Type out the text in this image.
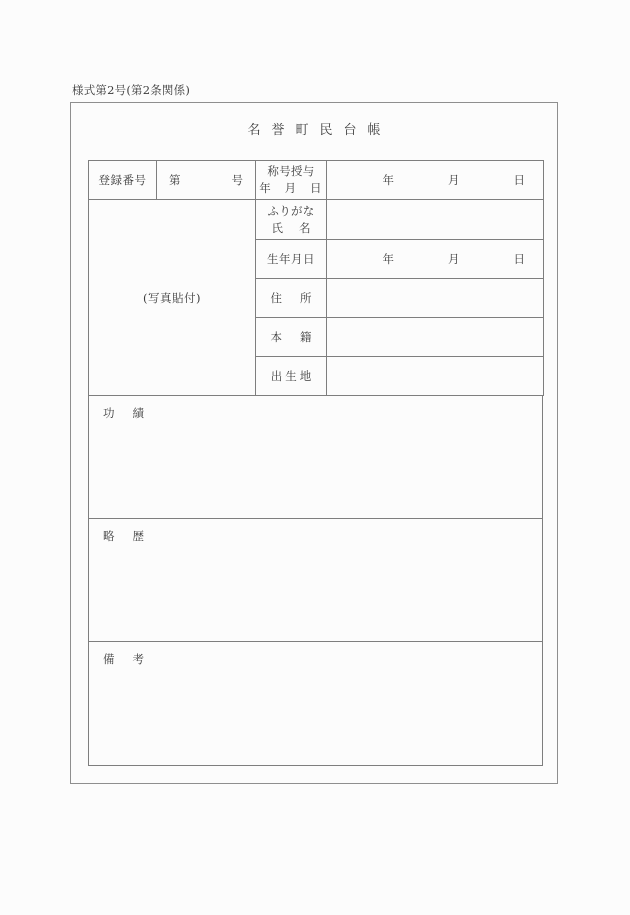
様式第2号(第2条関係)
名誉町民台帳
登録番号	第 号	称号授与
年　月　日	年 月 日

(写真貼付)		ふりがな
氏 名	

		生年月日	年 月 日

		住 所	

		本 籍	

		出生地	

功 績

略 歴

備 考
